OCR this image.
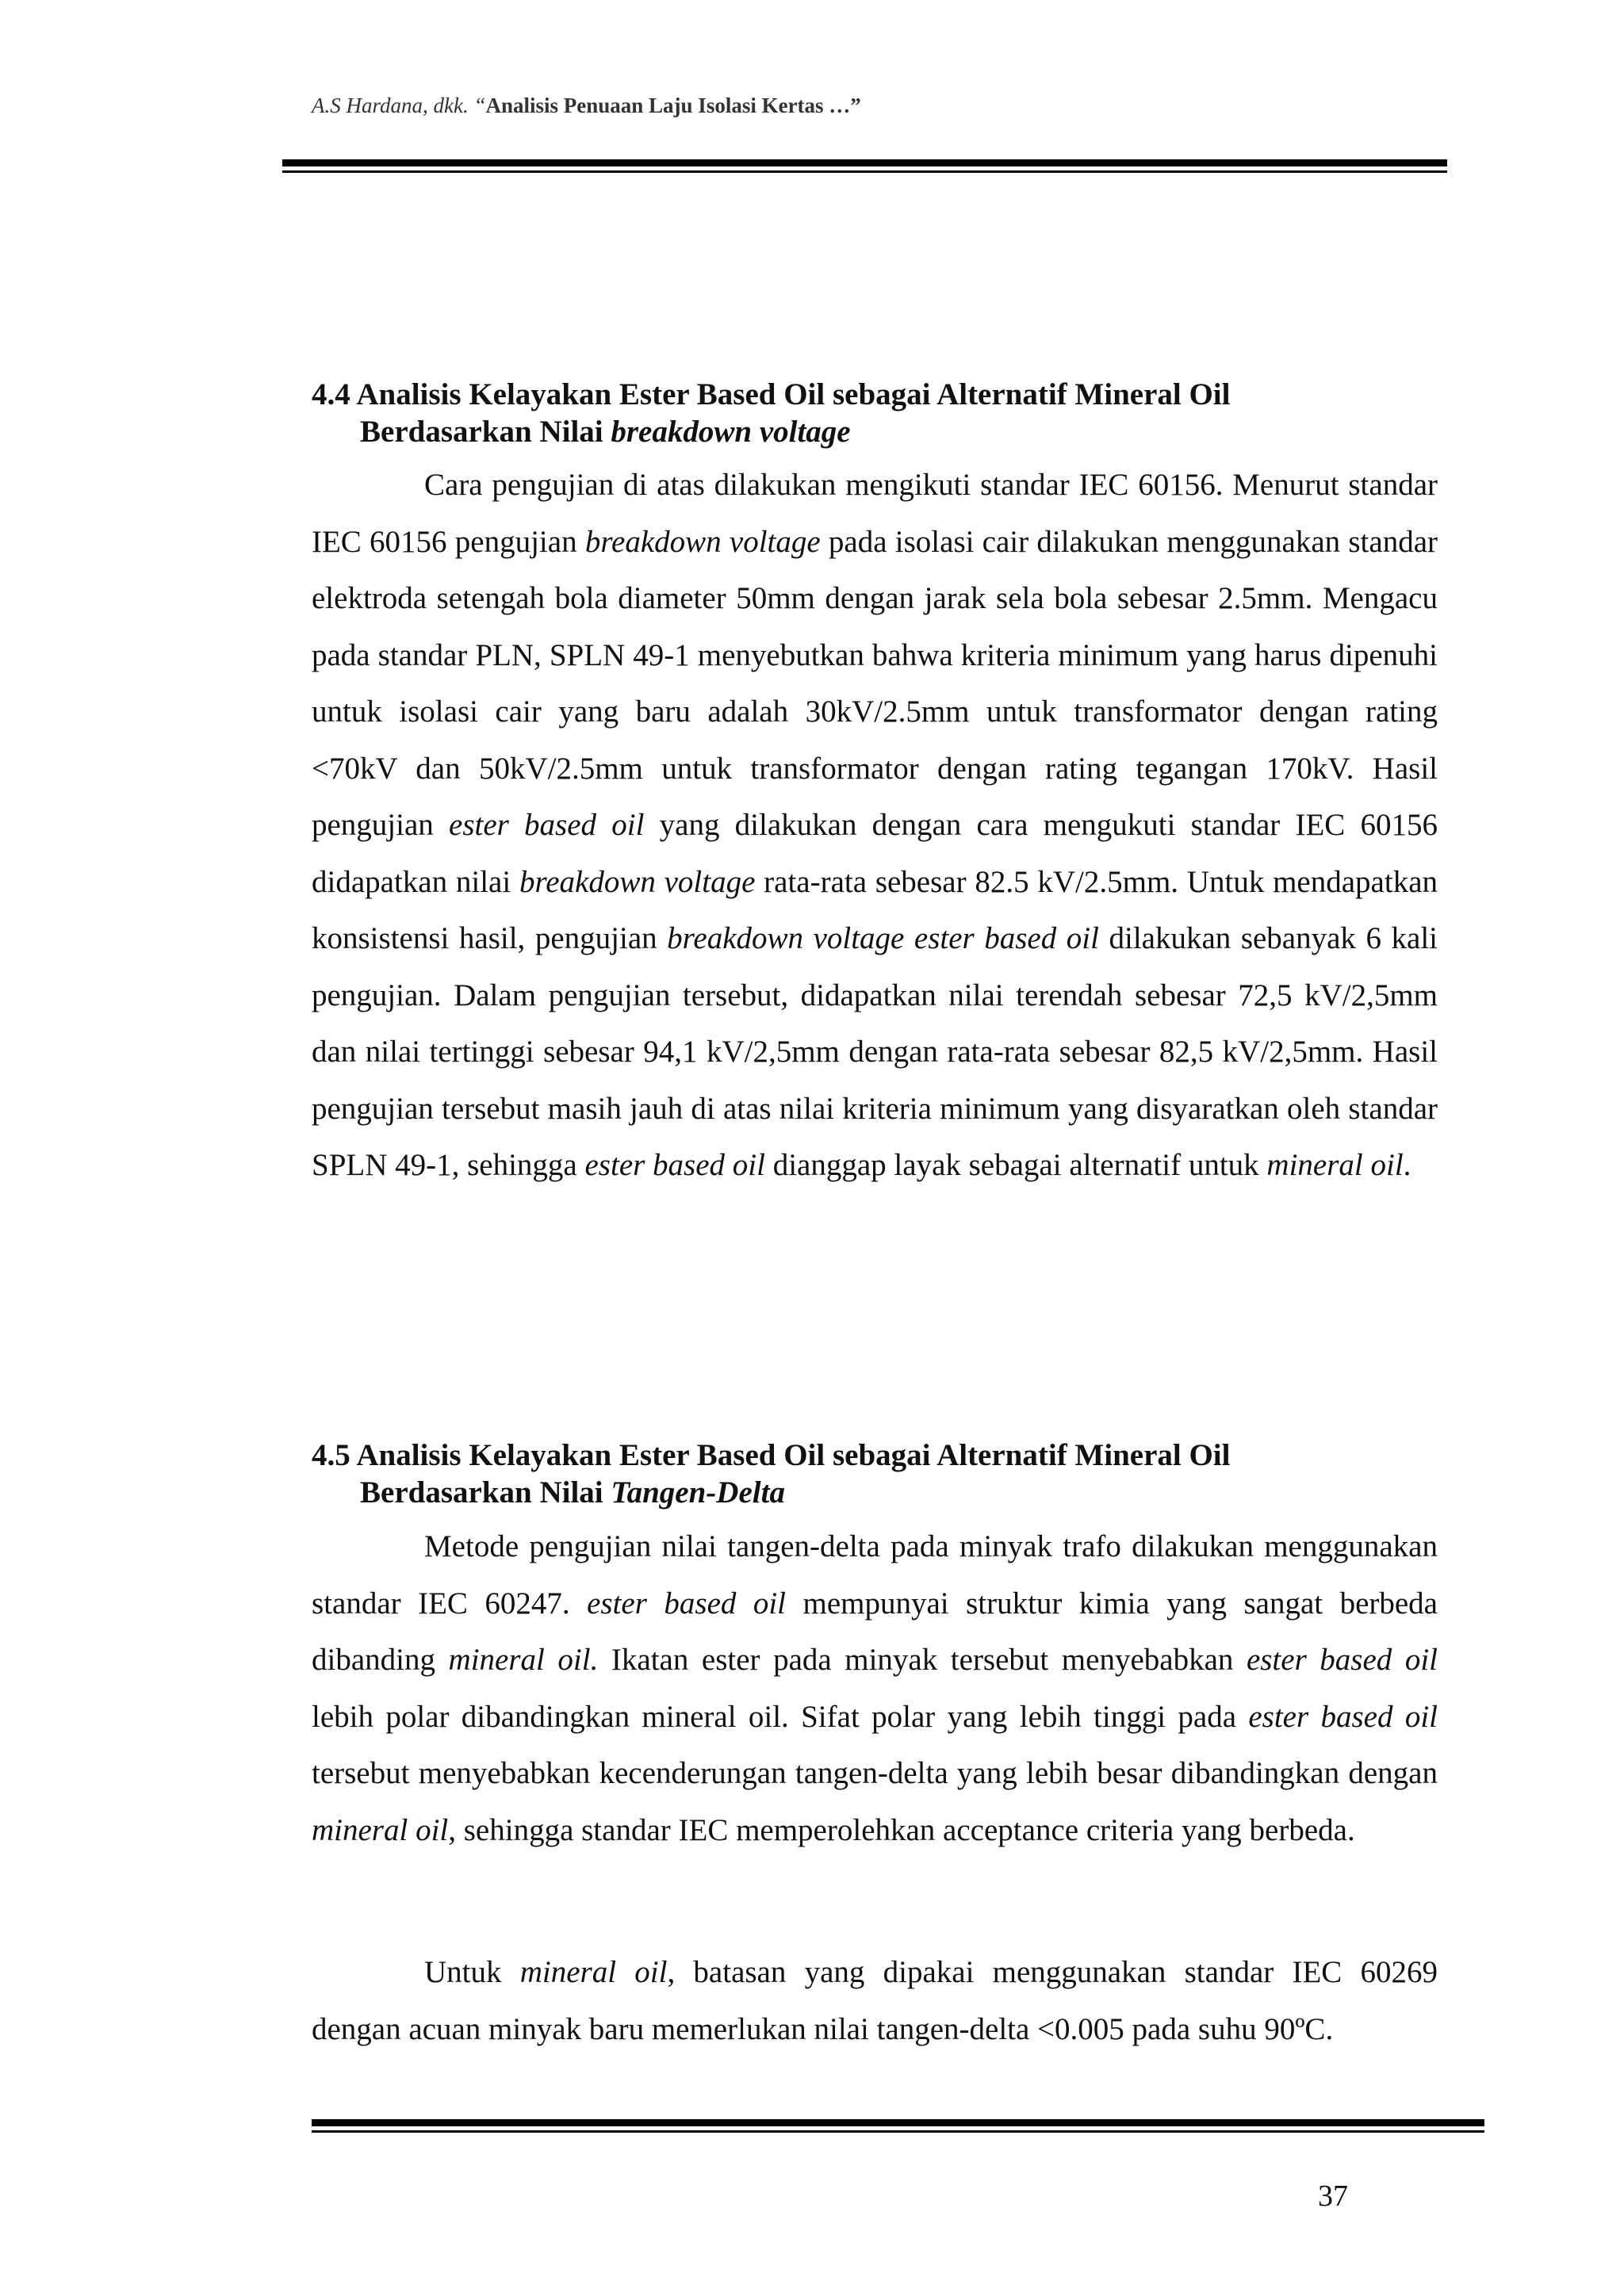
A.S Hardana, dkk. “Analisis Penuaan Laju Isolasi Kertas …”
4.4 Analisis Kelayakan Ester Based Oil sebagai Alternatif Mineral Oil
Berdasarkan Nilai breakdown voltage

Cara pengujian di atas dilakukan mengikuti standar IEC 60156. Menurut standar IEC 60156 pengujian breakdown voltage pada isolasi cair dilakukan menggunakan standar elektroda setengah bola diameter 50mm dengan jarak sela bola sebesar 2.5mm. Mengacu pada standar PLN, SPLN 49-1 menyebutkan bahwa kriteria minimum yang harus dipenuhi untuk isolasi cair yang baru adalah 30kV/2.5mm untuk transformator dengan rating <70kV dan 50kV/2.5mm untuk transformator dengan rating tegangan 170kV. Hasil pengujian ester based oil yang dilakukan dengan cara mengukuti standar IEC 60156 didapatkan nilai breakdown voltage rata-rata sebesar 82.5 kV/2.5mm. Untuk mendapatkan konsistensi hasil, pengujian breakdown voltage ester based oil dilakukan sebanyak 6 kali pengujian. Dalam pengujian tersebut, didapatkan nilai terendah sebesar 72,5 kV/2,5mm dan nilai tertinggi sebesar 94,1 kV/2,5mm dengan rata-rata sebesar 82,5 kV/2,5mm. Hasil pengujian tersebut masih jauh di atas nilai kriteria minimum yang disyaratkan oleh standar SPLN 49-1, sehingga ester based oil dianggap layak sebagai alternatif untuk mineral oil.

4.5 Analisis Kelayakan Ester Based Oil sebagai Alternatif Mineral Oil
Berdasarkan Nilai Tangen-Delta

Metode pengujian nilai tangen-delta pada minyak trafo dilakukan menggunakan standar IEC 60247. ester based oil mempunyai struktur kimia yang sangat berbeda dibanding mineral oil. Ikatan ester pada minyak tersebut menyebabkan ester based oil lebih polar dibandingkan mineral oil. Sifat polar yang lebih tinggi pada ester based oil tersebut menyebabkan kecenderungan tangen-delta yang lebih besar dibandingkan dengan mineral oil, sehingga standar IEC memperolehkan acceptance criteria yang berbeda.

Untuk mineral oil, batasan yang dipakai menggunakan standar IEC 60269 dengan acuan minyak baru memerlukan nilai tangen-delta <0.005 pada suhu 90ºC.

37
